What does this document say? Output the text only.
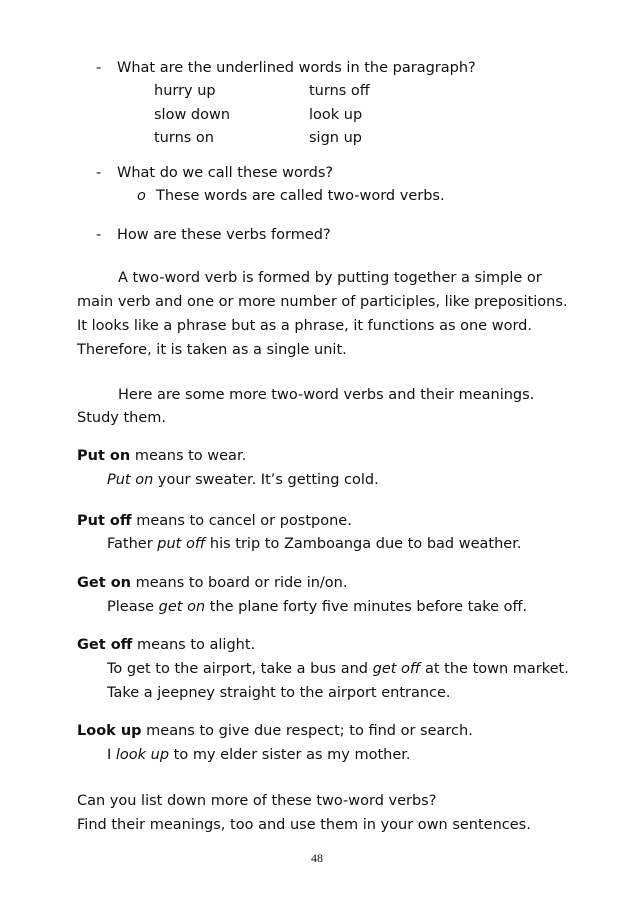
- What are the underlined words in the paragraph?
hurry up	turns off
slow down	look up
turns on	sign up
- What do we call these words?
o These words are called two-word verbs.
- How are these verbs formed?
A two-word verb is formed by putting together a simple or
main verb and one or more number of participles, like prepositions.
It looks like a phrase but as a phrase, it functions as one word.
Therefore, it is taken as a single unit.
Here are some more two-word verbs and their meanings.
Study them.
Put on means to wear.
Put on your sweater. It’s getting cold.
Put off means to cancel or postpone.
Father put off his trip to Zamboanga due to bad weather.
Get on means to board or ride in/on.
Please get on the plane forty five minutes before take off.
Get off means to alight.
To get to the airport, take a bus and get off at the town market.
Take a jeepney straight to the airport entrance.
Look up means to give due respect; to find or search.
I look up to my elder sister as my mother.
Can you list down more of these two-word verbs?
Find their meanings, too and use them in your own sentences.
48
